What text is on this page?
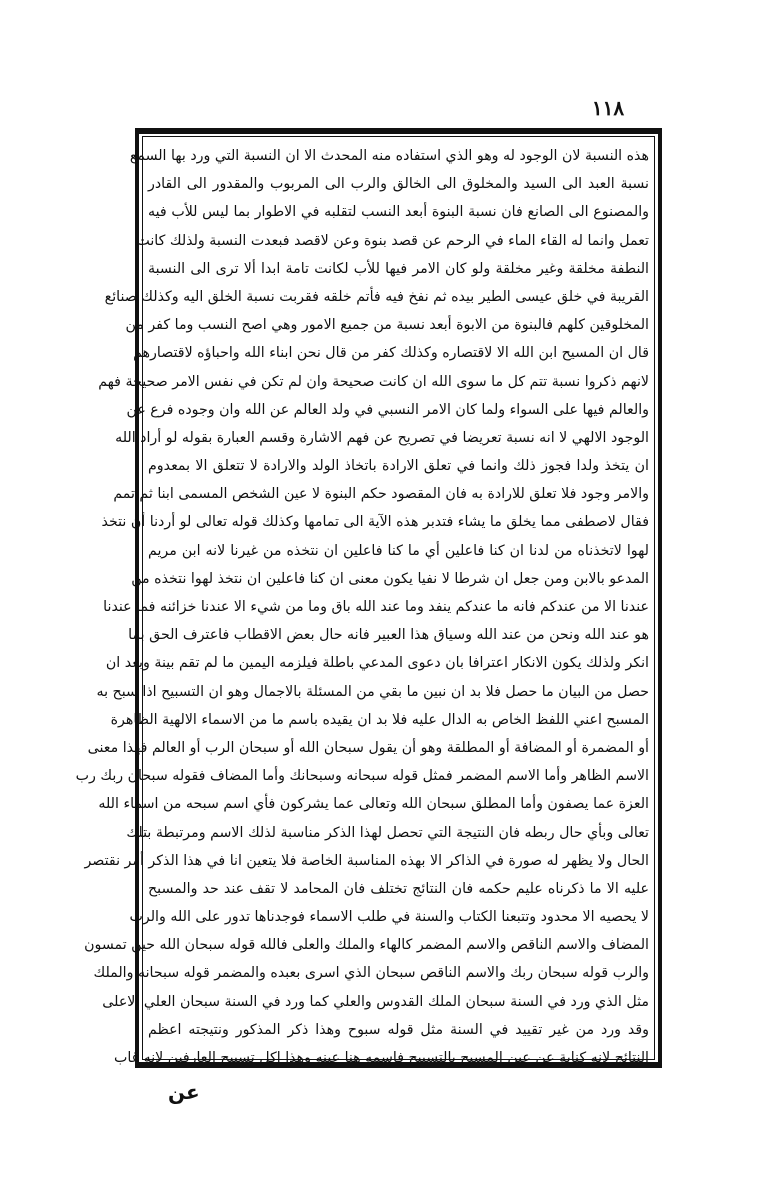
١١٨
هذه النسبة لان الوجود له وهو الذي استفاده منه المحدث الا ان النسبة التي ورد بها السمع
نسبة العبد الى السيد والمخلوق الى الخالق والرب الى المربوب والمقدور الى القادر
والمصنوع الى الصانع فان نسبة البنوة أبعد النسب لتقلبه في الاطوار بما ليس للأب فيه
تعمل وانما له القاء الماء في الرحم عن قصد بنوة وعن لاقصد فبعدت النسبة ولذلك كانت
النطفة مخلقة وغير مخلقة ولو كان الامر فيها للأب لكانت تامة ابدا ألا ترى الى النسبة
القريبة في خلق عيسى الطير بيده ثم نفخ فيه فأتم خلقه فقربت نسبة الخلق اليه وكذلك صنائع
المخلوقين كلهم فالبنوة من الابوة أبعد نسبة من جميع الامور وهي اصح النسب وما كفر من
قال ان المسيح ابن الله الا لاقتصاره وكذلك كفر من قال نحن ابناء الله واحباؤه لاقتصارهم
لانهم ذكروا نسبة تتم كل ما سوى الله ان كانت صحيحة وان لم تكن في نفس الامر صحيحة فهم
والعالم فيها على السواء ولما كان الامر النسبي في ولد العالم عن الله وان وجوده فرع عن
الوجود الالهي لا انه نسبة تعريضا في تصريح عن فهم الاشارة وقسم العبارة بقوله لو أراد الله
ان يتخذ ولدا فجوز ذلك وانما في تعلق الارادة باتخاذ الولد والارادة لا تتعلق الا بمعدوم
والامر وجود فلا تعلق للارادة به فان المقصود حكم البنوة لا عين الشخص المسمى ابنا ثم تمم
فقال لاصطفى مما يخلق ما يشاء فتدبر هذه الآية الى تمامها وكذلك قوله تعالى لو أردنا أن نتخذ
لهوا لاتخذناه من لدنا ان كنا فاعلين أي ما كنا فاعلين ان نتخذه من غيرنا لانه ابن مريم
المدعو بالابن ومن جعل ان شرطا لا نفيا يكون معنى ان كنا فاعلين ان نتخذ لهوا نتخذه من
عندنا الا من عندكم فانه ما عندكم ينفد وما عند الله باق وما من شيء الا عندنا خزائنه فما عندنا
هو عند الله ونحن من عند الله وسياق هذا العبير فانه حال بعض الاقطاب فاعترف الحق بما
انكر ولذلك يكون الانكار اعترافا بان دعوى المدعي باطلة فيلزمه اليمين ما لم تقم بينة وبعد ان
حصل من البيان ما حصل فلا بد ان نبين ما بقي من المسئلة بالاجمال وهو ان التسبيح اذا سبح به
المسبح اعني اللفظ الخاص به الدال عليه فلا بد ان يقيده باسم ما من الاسماء الالهية الظاهرة
أو المضمرة أو المضافة أو المطلقة وهو أن يقول سبحان الله أو سبحان الرب أو العالم فهذا معنى
الاسم الظاهر وأما الاسم المضمر فمثل قوله سبحانه وسبحانك وأما المضاف فقوله سبحان ربك رب
العزة عما يصفون وأما المطلق سبحان الله وتعالى عما يشركون فأي اسم سبحه من اسماء الله
تعالى وبأي حال ربطه فان النتيجة التي تحصل لهذا الذكر مناسبة لذلك الاسم ومرتبطة بتلك
الحال ولا يظهر له صورة في الذاكر الا بهذه المناسبة الخاصة فلا يتعين انا في هذا الذكر أمر نقتصر
عليه الا ما ذكرناه عليم حكمه فان النتائج تختلف فان المحامد لا تقف عند حد والمسبح
لا يحصيه الا محدود وتتبعنا الكتاب والسنة في طلب الاسماء فوجدناها تدور على الله والرب
المضاف والاسم الناقص والاسم المضمر كالهاء والملك والعلى فالله قوله سبحان الله حين تمسون
والرب قوله سبحان ربك والاسم الناقص سبحان الذي اسرى بعبده والمضمر قوله سبحانه والملك
مثل الذي ورد في السنة سبحان الملك القدوس والعلي كما ورد في السنة سبحان العلي الاعلى
وقد ورد من غير تقييد في السنة مثل قوله سبوح وهذا ذكر المذكور ونتيجته اعظم
النتائج لانه كناية عن عين المسبح بالتسبيح فاسمه هنا عينه وهذا اكل تسبيح العارفين لانه غاب
عن
